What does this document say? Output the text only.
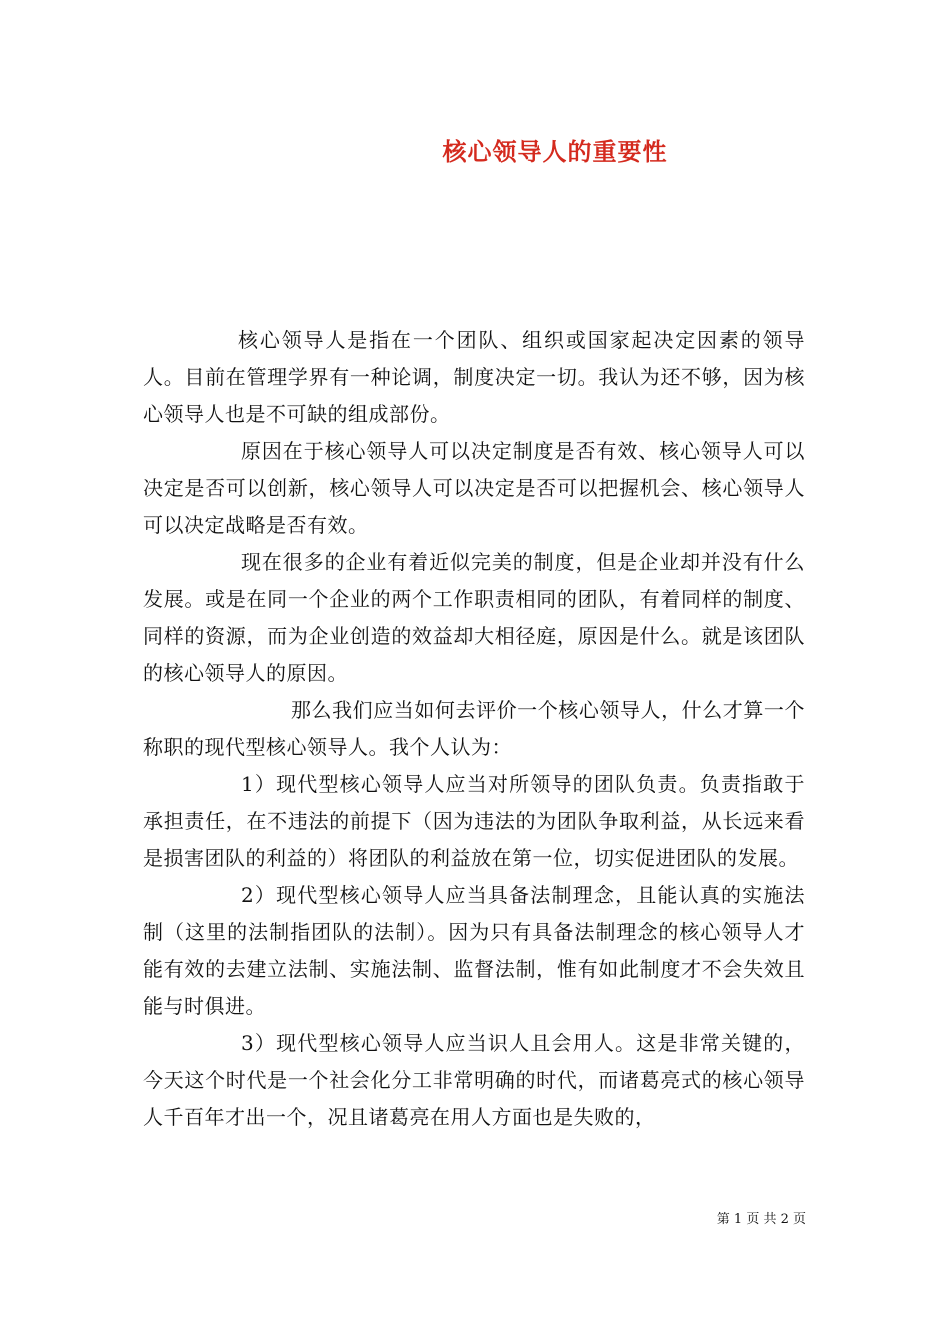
核心领导人的重要性

核心领导人是指在一个团队、组织或国家起决定因素的领导人。目前在管理学界有一种论调，制度决定一切。我认为还不够，因为核心领导人也是不可缺的组成部份。

原因在于核心领导人可以决定制度是否有效、核心领导人可以决定是否可以创新，核心领导人可以决定是否可以把握机会、核心领导人可以决定战略是否有效。

现在很多的企业有着近似完美的制度，但是企业却并没有什么发展。或是在同一个企业的两个工作职责相同的团队，有着同样的制度、同样的资源，而为企业创造的效益却大相径庭，原因是什么。就是该团队的核心领导人的原因。

那么我们应当如何去评价一个核心领导人，什么才算一个称职的现代型核心领导人。我个人认为：

1）现代型核心领导人应当对所领导的团队负责。负责指敢于承担责任，在不违法的前提下（因为违法的为团队争取利益，从长远来看是损害团队的利益的）将团队的利益放在第一位，切实促进团队的发展。

2）现代型核心领导人应当具备法制理念，且能认真的实施法制（这里的法制指团队的法制）。因为只有具备法制理念的核心领导人才能有效的去建立法制、实施法制、监督法制，惟有如此制度才不会失效且能与时俱进。

3）现代型核心领导人应当识人且会用人。这是非常关键的，今天这个时代是一个社会化分工非常明确的时代，而诸葛亮式的核心领导人千百年才出一个，况且诸葛亮在用人方面也是失败的，

第 1 页 共 2 页
